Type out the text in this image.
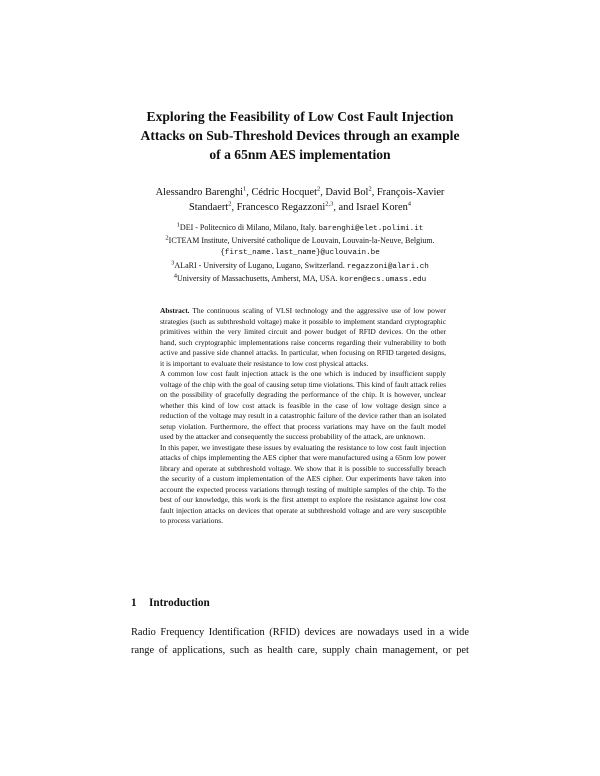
Exploring the Feasibility of Low Cost Fault Injection
Attacks on Sub-Threshold Devices through an example
of a 65nm AES implementation
Alessandro Barenghi$^1$, Cédric Hocquet$^2$, David Bol$^2$, François-Xavier
Standaert$^2$, Francesco Regazzoni$^{2,3}$, and Israel Koren$^4$
$^1$DEI - Politecnico di Milano, Milano, Italy. barenghi@elet.polimi.it
$^2$ICTEAM Institute, Université catholique de Louvain, Louvain-la-Neuve, Belgium.
{first_name.last_name}@uclouvain.be
$^3$ALaRI - University of Lugano, Lugano, Switzerland. regazzoni@alari.ch
$^4$University of Massachusetts, Amherst, MA, USA. koren@ecs.umass.edu

Abstract. The continuous scaling of VLSI technology and the aggressive use of low power strategies (such as subthreshold voltage) make it possible to implement standard cryptographic primitives within the very limited circuit and power budget of RFID devices. On the other hand, such cryptographic implementations raise concerns regarding their vulnerability to both active and passive side channel attacks. In particular, when focusing on RFID targeted designs, it is important to evaluate their resistance to low cost physical attacks.

A common low cost fault injection attack is the one which is induced by insufficient supply voltage of the chip with the goal of causing setup time violations. This kind of fault attack relies on the possibility of gracefully degrading the performance of the chip. It is however, unclear whether this kind of low cost attack is feasible in the case of low voltage design since a reduction of the voltage may result in a catastrophic failure of the device rather than an isolated setup violation. Furthermore, the effect that process variations may have on the fault model used by the attacker and consequently the success probability of the attack, are unknown.

In this paper, we investigate these issues by evaluating the resistance to low cost fault injection attacks of chips implementing the AES cipher that were manufactured using a 65nm low power library and operate at subthreshold voltage. We show that it is possible to successfully breach the security of a custom implementation of the AES cipher. Our experiments have taken into account the expected process variations through testing of multiple samples of the chip. To the best of our knowledge, this work is the first attempt to explore the resistance against low cost fault injection attacks on devices that operate at subthreshold voltage and are very susceptible to process variations.

1 Introduction
Radio Frequency Identification (RFID) devices are nowadays used in a wide
range of applications, such as health care, supply chain management, or pet
